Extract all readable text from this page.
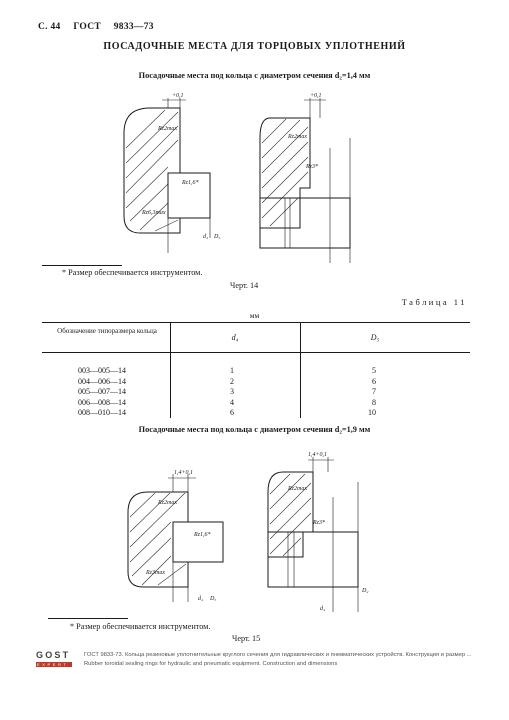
С. 44 ГОСТ 9833—73
ПОСАДОЧНЫЕ МЕСТА ДЛЯ ТОРЦОВЫХ УПЛОТНЕНИЙ
Посадочные места под кольца с диаметром сечения d₂=1,4 мм
+0,1
Rz2max
Rz1,6*
Rz6,3max
d₄ D₅
+0,1
Rz2max
Rz3*
* Размер обеспечивается инструментом.
Черт. 14
Таблица 11
мм
Обозначение типоразмера кольца
d₄	D₅
003—005—14	1	5
004—006—14	2	6
005—007—14	3	7
006—008—14	4	8
008—010—14	6	10
Посадочные места под кольца с диаметром сечения d₂=1,9 мм
1,4+0,1
Rz2max
Rz1,6*
Rz3max
d₄ D₅
1,4+0,1
Rz2max
Rz3*
d₄
D₂
* Размер обеспечивается инструментом.
Черт. 15
GOST
EXPERT
ГОСТ 9833-73. Кольца резиновые уплотнительные круглого сечения для гидравлических и пневматических устройств. Конструкция и размер ...
Rubber toroidal sealing rings for hydraulic and pneumatic equipment. Construction and dimensions
